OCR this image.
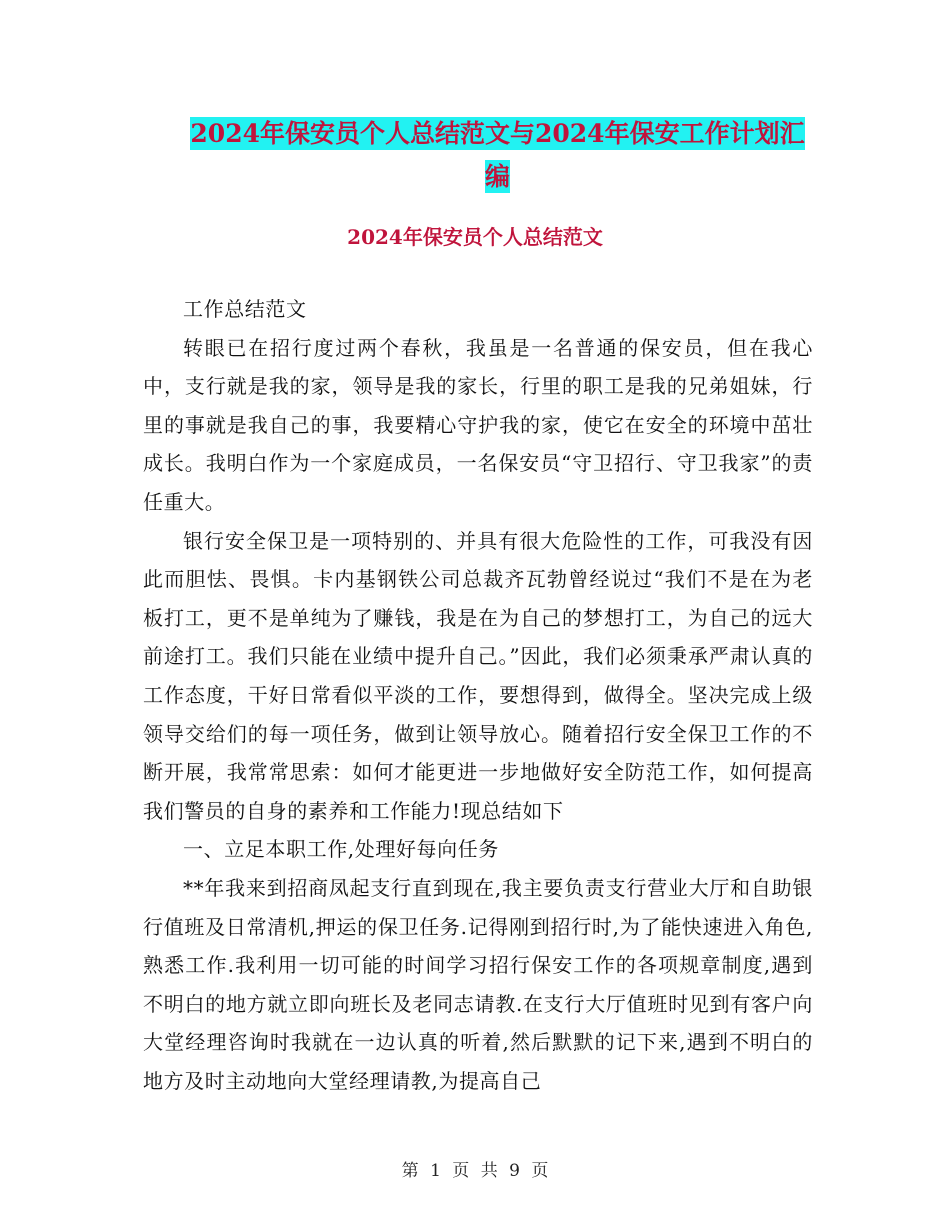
2024年保安员个人总结范文与2024年保安工作计划汇编
2024年保安员个人总结范文

工作总结范文

转眼已在招行度过两个春秋，我虽是一名普通的保安员，但在我心中，支行就是我的家，领导是我的家长，行里的职工是我的兄弟姐妹，行里的事就是我自己的事，我要精心守护我的家，使它在安全的环境中茁壮成长。我明白作为一个家庭成员，一名保安员“守卫招行、守卫我家”的责任重大。

银行安全保卫是一项特别的、并具有很大危险性的工作，可我没有因此而胆怯、畏惧。卡内基钢铁公司总裁齐瓦勃曾经说过“我们不是在为老板打工，更不是单纯为了赚钱，我是在为自己的梦想打工，为自己的远大前途打工。我们只能在业绩中提升自己。”因此，我们必须秉承严肃认真的工作态度，干好日常看似平淡的工作，要想得到，做得全。坚决完成上级领导交给们的每一项任务，做到让领导放心。随着招行安全保卫工作的不断开展，我常常思索：如何才能更进一步地做好安全防范工作，如何提高我们警员的自身的素养和工作能力!现总结如下

一、立足本职工作,处理好每向任务

**年我来到招商凤起支行直到现在,我主要负责支行营业大厅和自助银行值班及日常清机,押运的保卫任务.记得刚到招行时,为了能快速进入角色,熟悉工作.我利用一切可能的时间学习招行保安工作的各项规章制度,遇到不明白的地方就立即向班长及老同志请教.在支行大厅值班时见到有客户向大堂经理咨询时我就在一边认真的听着,然后默默的记下来,遇到不明白的地方及时主动地向大堂经理请教,为提高自己

第 1 页 共 9 页
